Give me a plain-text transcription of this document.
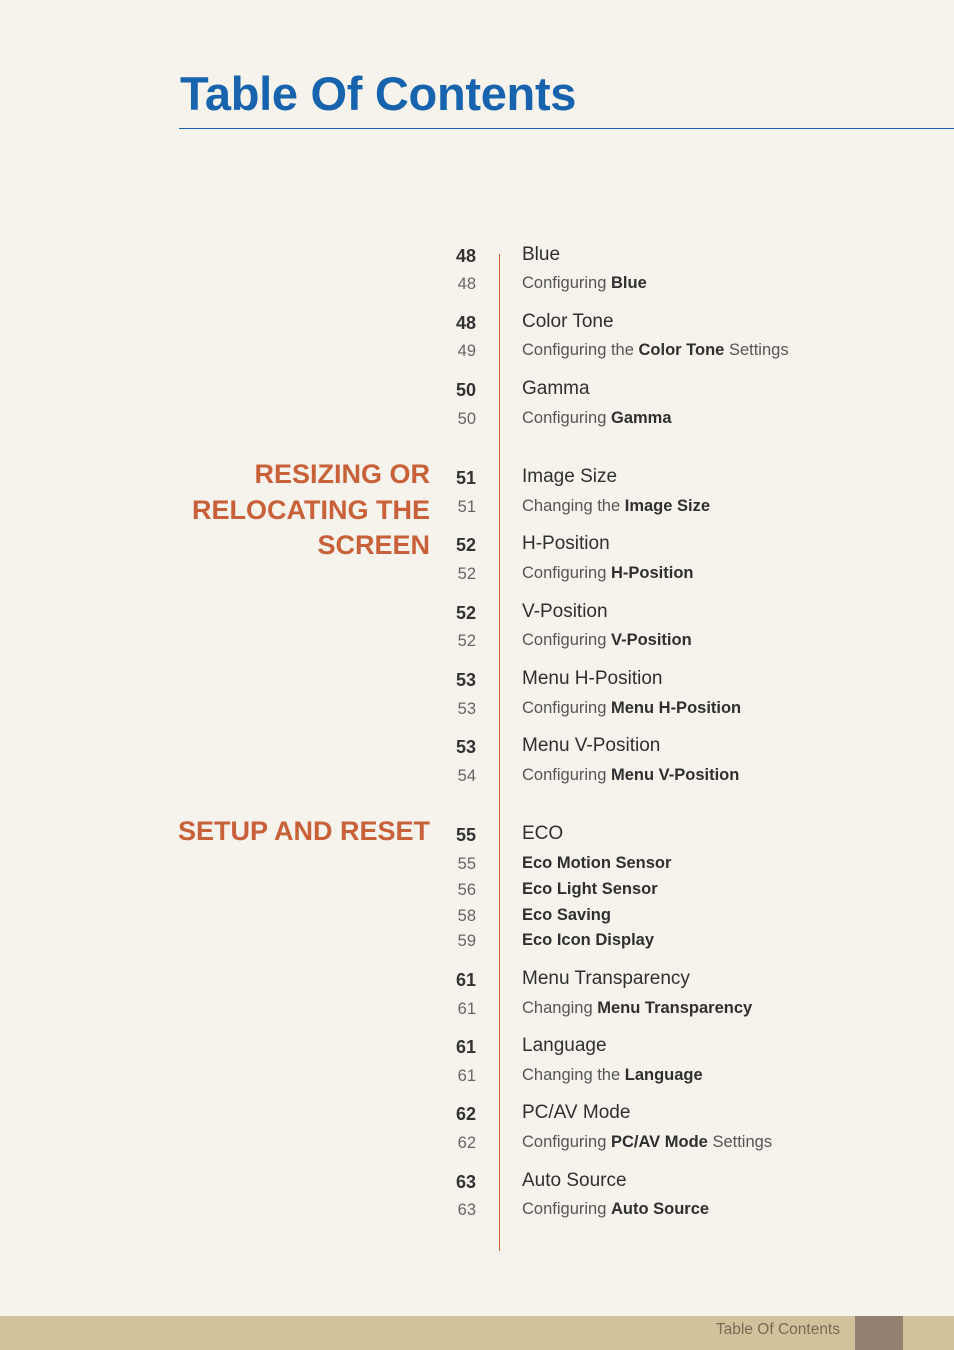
Table Of Contents
RESIZING OR
RELOCATING THE
SCREEN
SETUP AND RESET
48 Blue
48	Configuring Blue
48 Color Tone
49	Configuring the Color Tone Settings
50 Gamma
50	Configuring Gamma
51 Image Size
51	Changing the Image Size
52 H-Position
52	Configuring H-Position
52 V-Position
52	Configuring V-Position
53 Menu H-Position
53	Configuring Menu H-Position
53 Menu V-Position
54	Configuring Menu V-Position
55 ECO
55	Eco Motion Sensor
56	Eco Light Sensor
58	Eco Saving
59	Eco Icon Display
61 Menu Transparency
61	Changing Menu Transparency
61 Language
61	Changing the Language
62 PC/AV Mode
62	Configuring PC/AV Mode Settings
63 Auto Source
63	Configuring Auto Source
Table Of Contents
